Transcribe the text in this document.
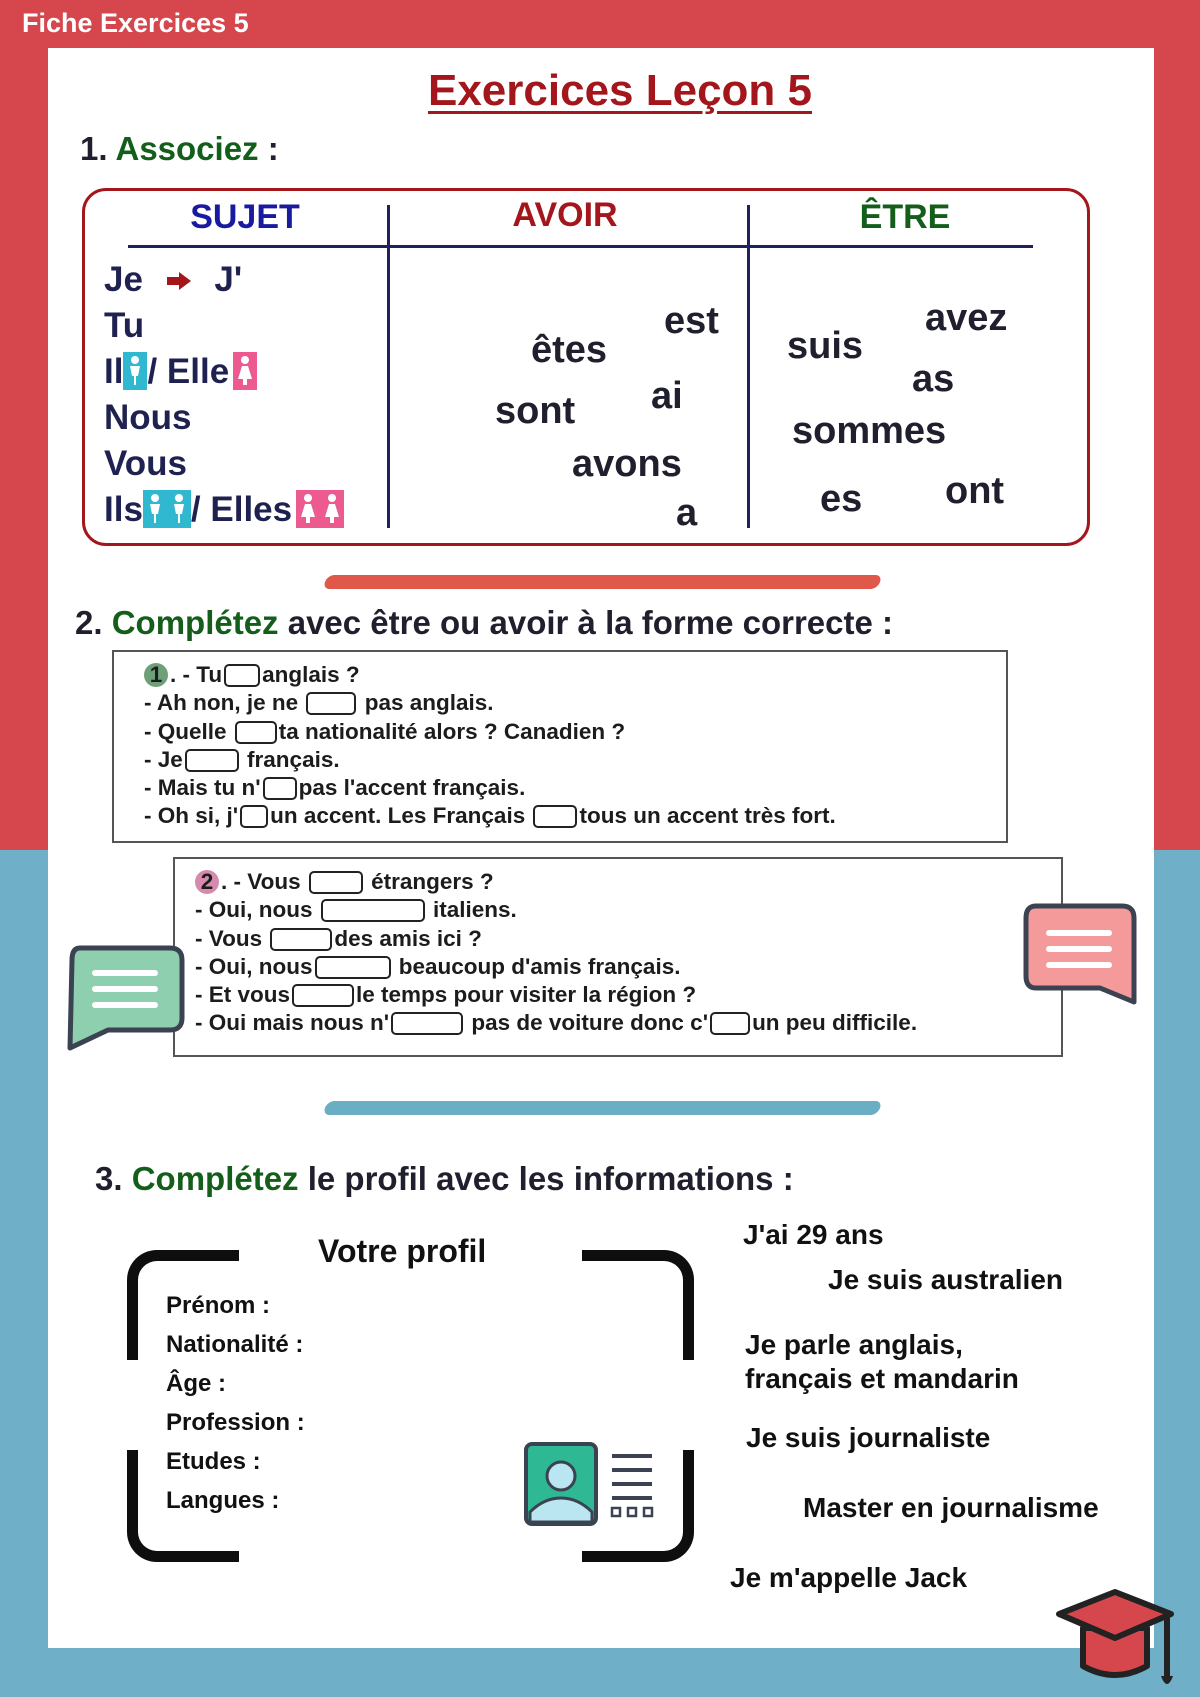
Fiche Exercices 5
Exercices Leçon 5
1. Associez :
SUJET	AVOIR	ÊTRE
Je J'
Tu
Il / Elle
Nous
Vous
Ils / Elles
est
êtes
ai
sont
avons
a
avez
suis
as
sommes
ont
es
2. Complétez avec être ou avoir à la forme correcte :
1 . - Tu anglais ?
- Ah non, je ne	pas anglais.
- Quelle ta nationalité alors ? Canadien ?
- Je	français.
- Mais tu n' pas l'accent français.
- Oh si, j' un accent. Les Français tous un accent très fort.
2 . - Vous	étrangers ?
- Oui, nous	italiens.
- Vous	des amis ici ?
- Oui, nous	beaucoup d'amis français.
- Et vous	le temps pour visiter la région ?
- Oui mais nous n'	pas de voiture donc c' un peu difficile.
3. Complétez le profil avec les informations :
Votre profil
Prénom :
Nationalité :
Âge :
Profession :
Etudes :
Langues :
J'ai 29 ans
Je suis australien
Je parle anglais,
français et mandarin
Je suis journaliste
Master en journalisme
Je m'appelle Jack
